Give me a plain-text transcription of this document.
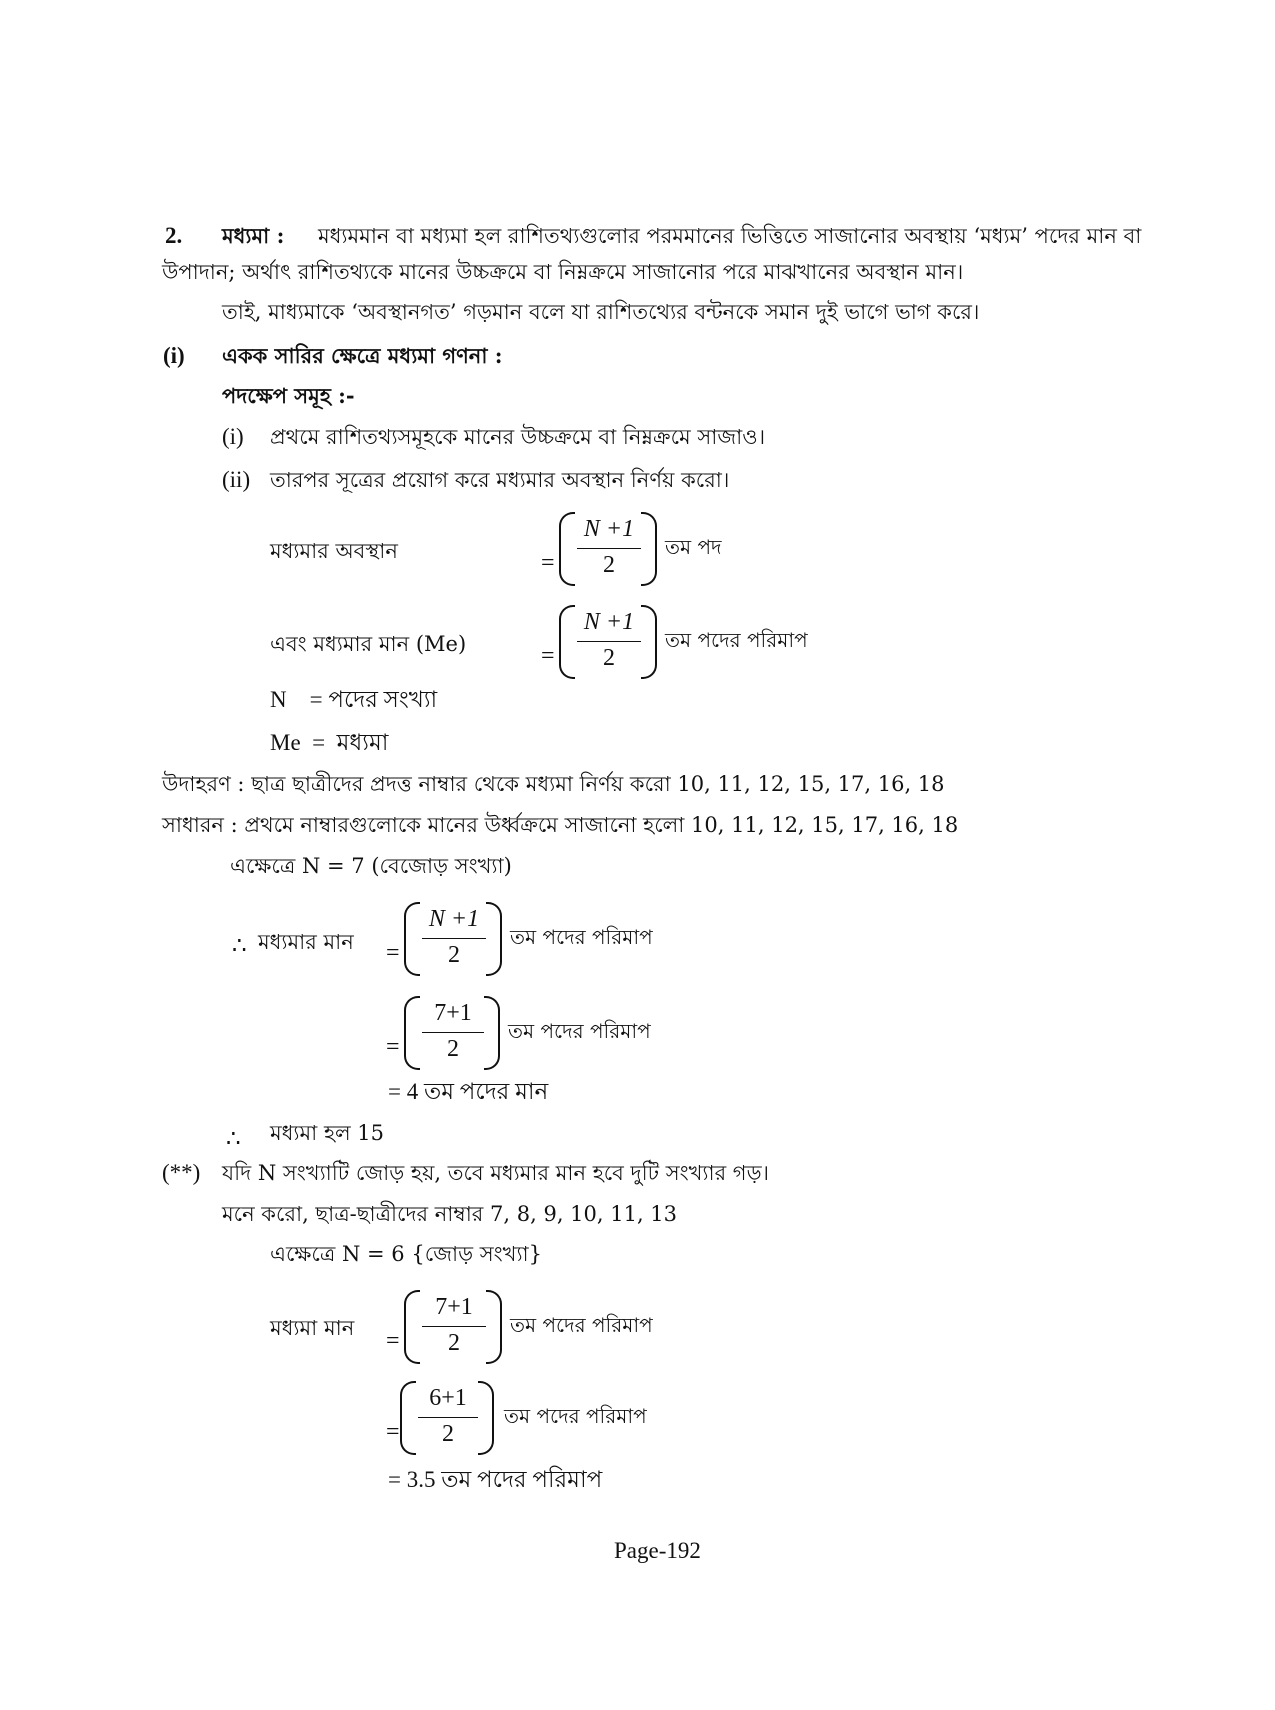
2. মধ্যমা : মধ্যমমান বা মধ্যমা হল রাশিতথ্যগুলোর পরমমানের ভিত্তিতে সাজানোর অবস্থায় ‘মধ্যম’ পদের মান বা
উপাদান; অর্থাৎ রাশিতথ্যকে মানের উচ্চক্রমে বা নিম্নক্রমে সাজানোর পরে মাঝখানের অবস্থান মান।
তাই, মাধ্যমাকে ‘অবস্থানগত’ গড়মান বলে যা রাশিতথ্যের বন্টনকে সমান দুই ভাগে ভাগ করে।
(i) একক সারির ক্ষেত্রে মধ্যমা গণনা :
পদক্ষেপ সমূহ :-
(i) প্রথমে রাশিতথ্যসমূহকে মানের উচ্চক্রমে বা নিম্নক্রমে সাজাও।
(ii) তারপর সূত্রের প্রয়োগ করে মধ্যমার অবস্থান নির্ণয় করো।
মধ্যমার অবস্থান	=
N +1
2
তম পদ
এবং মধ্যমার মান (Me)	=
N +1
2
তম পদের পরিমাপ
N    = পদের সংখ্যা
Me  =  মধ্যমা
উদাহরণ : ছাত্র ছাত্রীদের প্রদত্ত নাম্বার থেকে মধ্যমা নির্ণয় করো 10, 11, 12, 15, 17, 16, 18
সাধারন : প্রথমে নাম্বারগুলোকে মানের উর্ধ্বক্রমে সাজানো হলো 10, 11, 12, 15, 17, 16, 18
এক্ষেত্রে N = 7 (বেজোড় সংখ্যা)
∴ মধ্যমার মান =
N +1
2
তম পদের পরিমাপ
=
7+1
2
তম পদের পরিমাপ
= 4 তম পদের মান
∴ মধ্যমা হল 15
(**) যদি N সংখ্যাটি জোড় হয়, তবে মধ্যমার মান হবে দুটি সংখ্যার গড়।
মনে করো, ছাত্র-ছাত্রীদের নাম্বার 7, 8, 9, 10, 11, 13
এক্ষেত্রে N = 6 {জোড় সংখ্যা}
মধ্যমা মান =
7+1
2
তম পদের পরিমাপ
=
6+1
2
তম পদের পরিমাপ
= 3.5 তম পদের পরিমাপ
Page-192
